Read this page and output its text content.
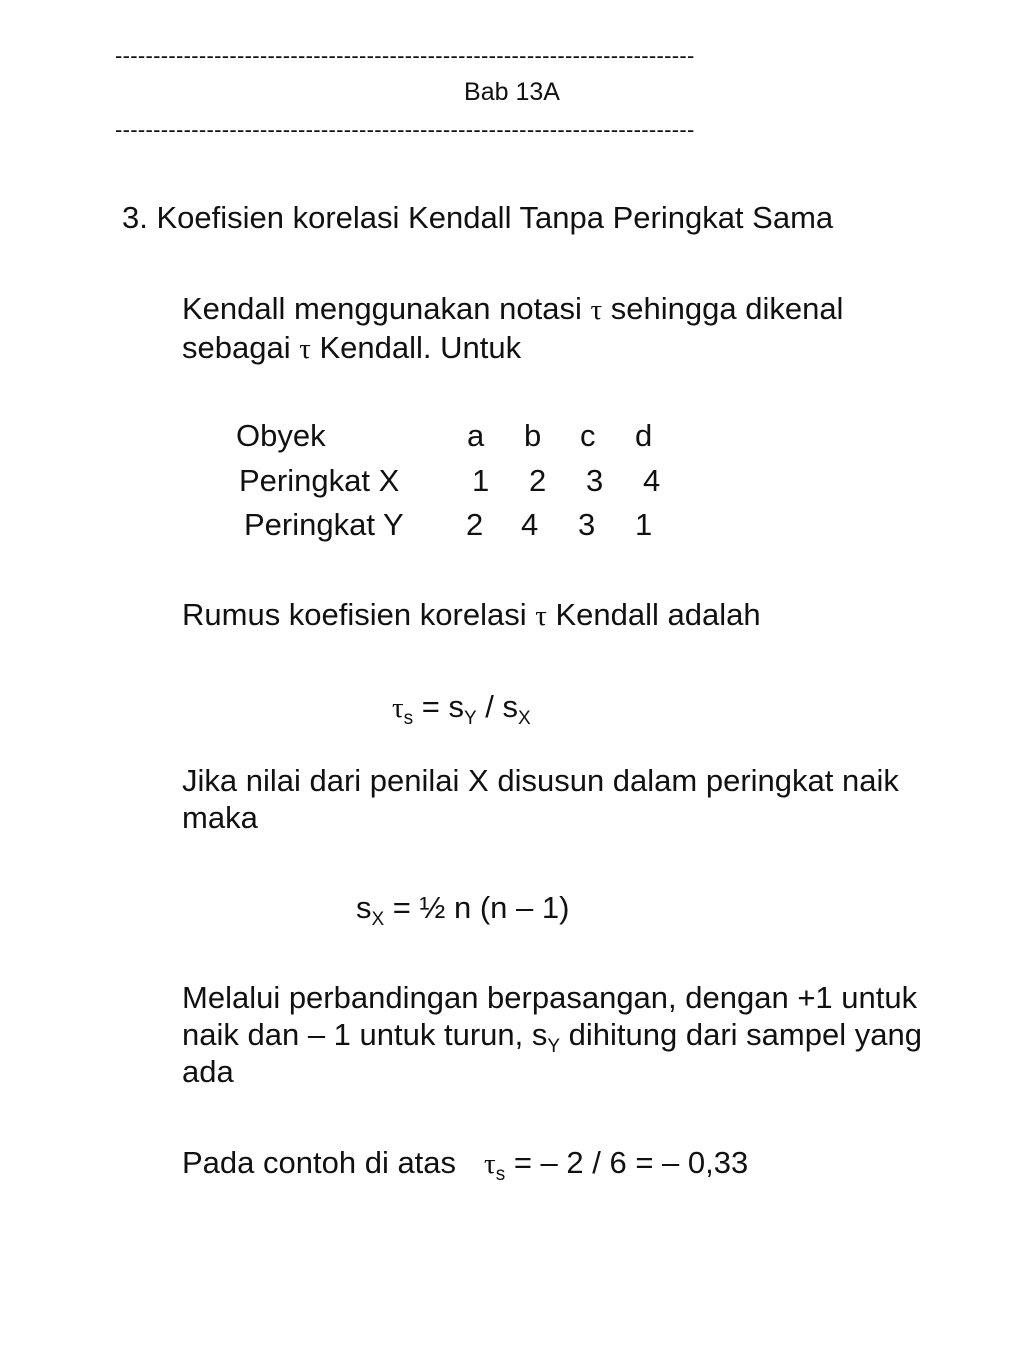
----------------------------------------------------------------------------
Bab 13A
----------------------------------------------------------------------------
3. Koefisien korelasi Kendall Tanpa Peringkat Sama
Kendall menggunakan notasi τ sehingga dikenal sebagai τ Kendall. Untuk
Obyek	a b c d
Peringkat X 1 2 3 4
Peringkat Y 2 4 3 1
Rumus koefisien korelasi τ Kendall adalah
$\tau_s = s_Y / s_X$
Jika nilai dari penilai X disusun dalam peringkat naik maka
$s_X$ = ½ n (n – 1)
Melalui perbandingan berpasangan, dengan +1 untuk naik dan – 1 untuk turun, $s_Y$ dihitung dari sampel yang ada
Pada contoh di atas $\tau_s$ = – 2 / 6 = – 0,33
